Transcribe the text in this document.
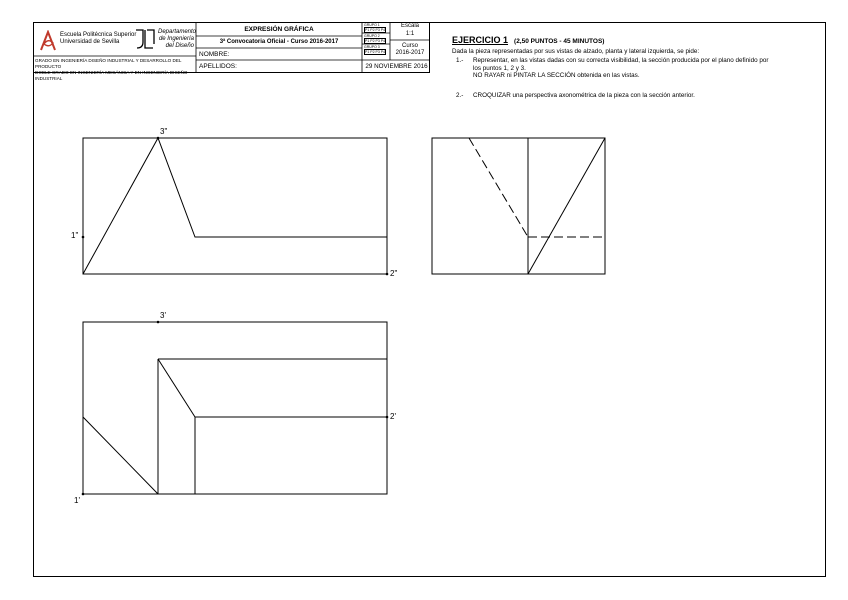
Escuela Politécnica Superior
Universidad de Sevilla
Departamento
de Ingeniería
del Diseño
GRADO EN INGENIERÍA DISEÑO INDUSTRIAL Y DESARROLLO DEL PRODUCTO
DOBLE GRADO EN INGENIERÍA MECÁNICA Y EN INGENIERÍA DISEÑO INDUSTRIAL
EXPRESIÓN GRÁFICA
3ª Convocatoria Oficial - Curso 2016-2017
NOMBRE:
APELLIDOS:
GRUPO 1
P1 P2 P3 P4
GRUPO 2
P1 P2 P3 P4
GRUPO 3
P1 P2 P3 P4
Escala
1:1
Curso
2016-2017
29 NOVIEMBRE 2016
EJERCICIO 1 (2,50 PUNTOS - 45 MINUTOS)
Dada la pieza representadas por sus vistas de alzado, planta y lateral izquierda, se pide:
1.- Representar, en las vistas dadas con su correcta visibilidad, la sección producida por el plano definido por
los puntos 1, 2 y 3.
NO RAYAR ni PINTAR LA SECCIÓN obtenida en las vistas.
2.- CROQUIZAR una perspectiva axonométrica de la pieza con la sección anterior.
3"
1"
2"
3'
2'
1'
